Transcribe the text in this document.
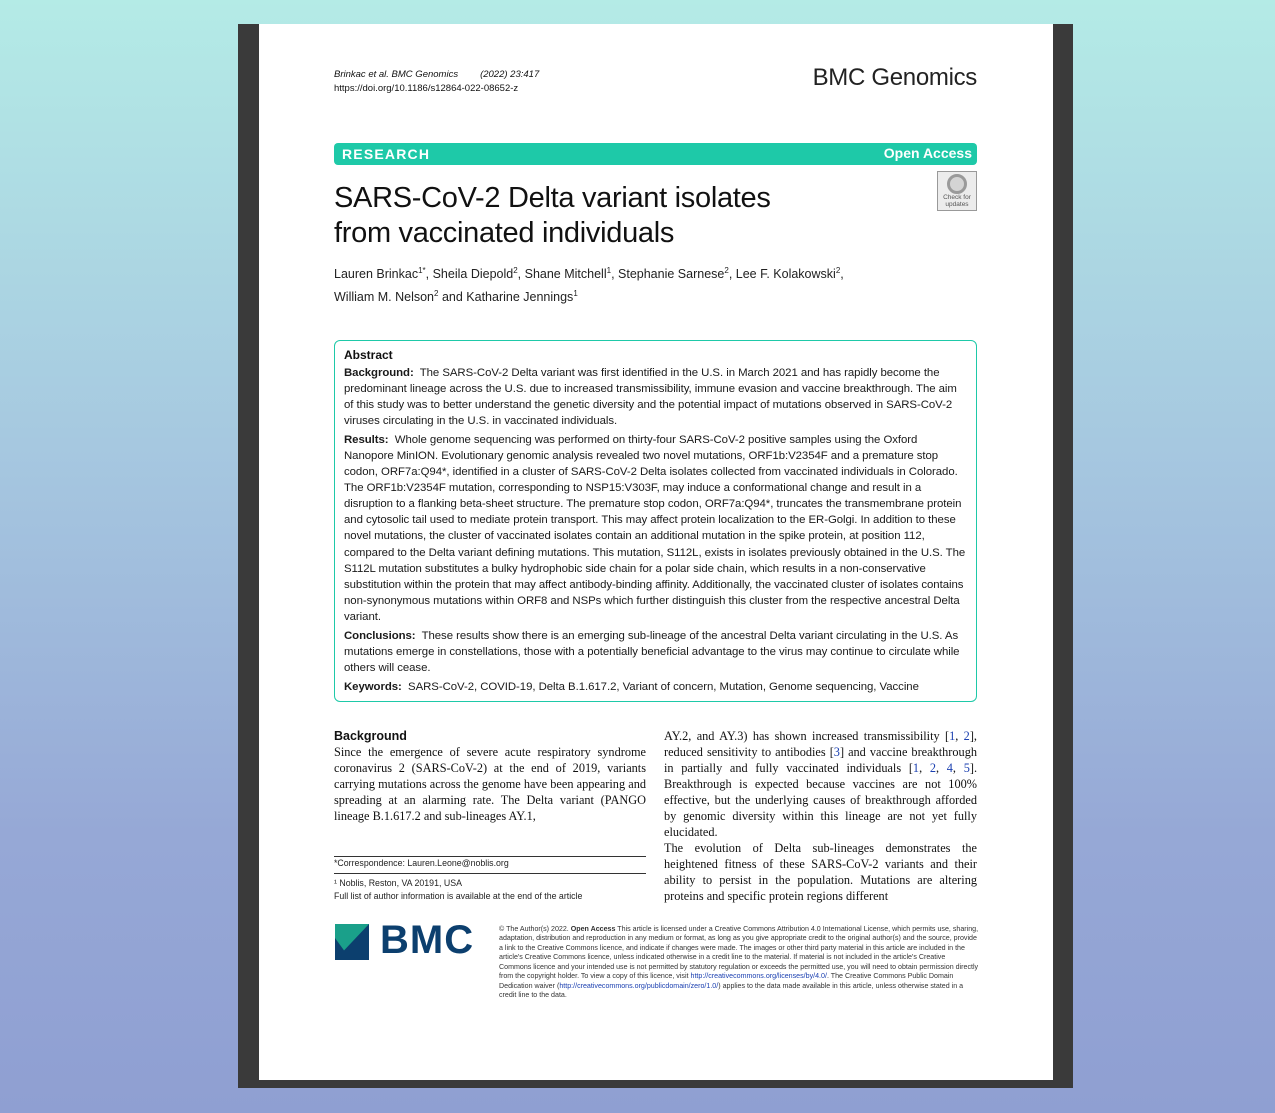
Brinkac et al. BMC Genomics (2022) 23:417
https://doi.org/10.1186/s12864-022-08652-z	BMC Genomics
RESEARCH	Open Access
SARS-CoV-2 Delta variant isolates
from vaccinated individuals
Check for
updates
Lauren Brinkac$^{1*}$, Sheila Diepold$^2$, Shane Mitchell$^1$, Stephanie Sarnese$^2$, Lee F. Kolakowski$^2$,
William M. Nelson$^2$ and Katharine Jennings$^1$
Abstract

Background: The SARS-CoV-2 Delta variant was first identified in the U.S. in March 2021 and has rapidly become the predominant lineage across the U.S. due to increased transmissibility, immune evasion and vaccine breakthrough. The aim of this study was to better understand the genetic diversity and the potential impact of mutations observed in SARS-CoV-2 viruses circulating in the U.S. in vaccinated individuals.

Results: Whole genome sequencing was performed on thirty-four SARS-CoV-2 positive samples using the Oxford Nanopore MinION. Evolutionary genomic analysis revealed two novel mutations, ORF1b:V2354F and a premature stop codon, ORF7a:Q94*, identified in a cluster of SARS-CoV-2 Delta isolates collected from vaccinated individuals in Colorado. The ORF1b:V2354F mutation, corresponding to NSP15:V303F, may induce a conformational change and result in a disruption to a flanking beta-sheet structure. The premature stop codon, ORF7a:Q94*, truncates the transmembrane protein and cytosolic tail used to mediate protein transport. This may affect protein localization to the ER-Golgi. In addition to these novel mutations, the cluster of vaccinated isolates contain an additional mutation in the spike protein, at position 112, compared to the Delta variant defining mutations. This mutation, S112L, exists in isolates previously obtained in the U.S. The S112L mutation substitutes a bulky hydrophobic side chain for a polar side chain, which results in a non-conservative substitution within the protein that may affect antibody-binding affinity. Additionally, the vaccinated cluster of isolates contains non-synonymous mutations within ORF8 and NSPs which further distinguish this cluster from the respective ancestral Delta variant.

Conclusions: These results show there is an emerging sub-lineage of the ancestral Delta variant circulating in the U.S. As mutations emerge in constellations, those with a potentially beneficial advantage to the virus may continue to circulate while others will cease.

Keywords: SARS-CoV-2, COVID-19, Delta B.1.617.2, Variant of concern, Mutation, Genome sequencing, Vaccine

Background
Since the emergence of severe acute respiratory syndrome coronavirus 2 (SARS-CoV-2) at the end of 2019, variants carrying mutations across the genome have been appearing and spreading at an alarming rate. The Delta variant (PANGO lineage B.1.617.2 and sub-lineages AY.1,
AY.2, and AY.3) has shown increased transmissibility [1, 2], reduced sensitivity to antibodies [3] and vaccine breakthrough in partially and fully vaccinated individuals [1, 2, 4, 5]. Breakthrough is expected because vaccines are not 100% effective, but the underlying causes of breakthrough afforded by genomic diversity within this lineage are not yet fully elucidated.
The evolution of Delta sub-lineages demonstrates the heightened fitness of these SARS-CoV-2 variants and their ability to persist in the population. Mutations are altering proteins and specific protein regions different
*Correspondence: Lauren.Leone@noblis.org
¹ Noblis, Reston, VA 20191, USA
Full list of author information is available at the end of the article
BMC	© The Author(s) 2022. Open Access This article is licensed under a Creative Commons Attribution 4.0 International License, which permits use, sharing, adaptation, distribution and reproduction in any medium or format, as long as you give appropriate credit to the original author(s) and the source, provide a link to the Creative Commons licence, and indicate if changes were made. The images or other third party material in this article are included in the article's Creative Commons licence, unless indicated otherwise in a credit line to the material. If material is not included in the article's Creative Commons licence and your intended use is not permitted by statutory regulation or exceeds the permitted use, you will need to obtain permission directly from the copyright holder. To view a copy of this licence, visit http://creativecommons.org/licenses/by/4.0/. The Creative Commons Public Domain Dedication waiver (http://creativecommons.org/publicdomain/zero/1.0/) applies to the data made available in this article, unless otherwise stated in a credit line to the data.
